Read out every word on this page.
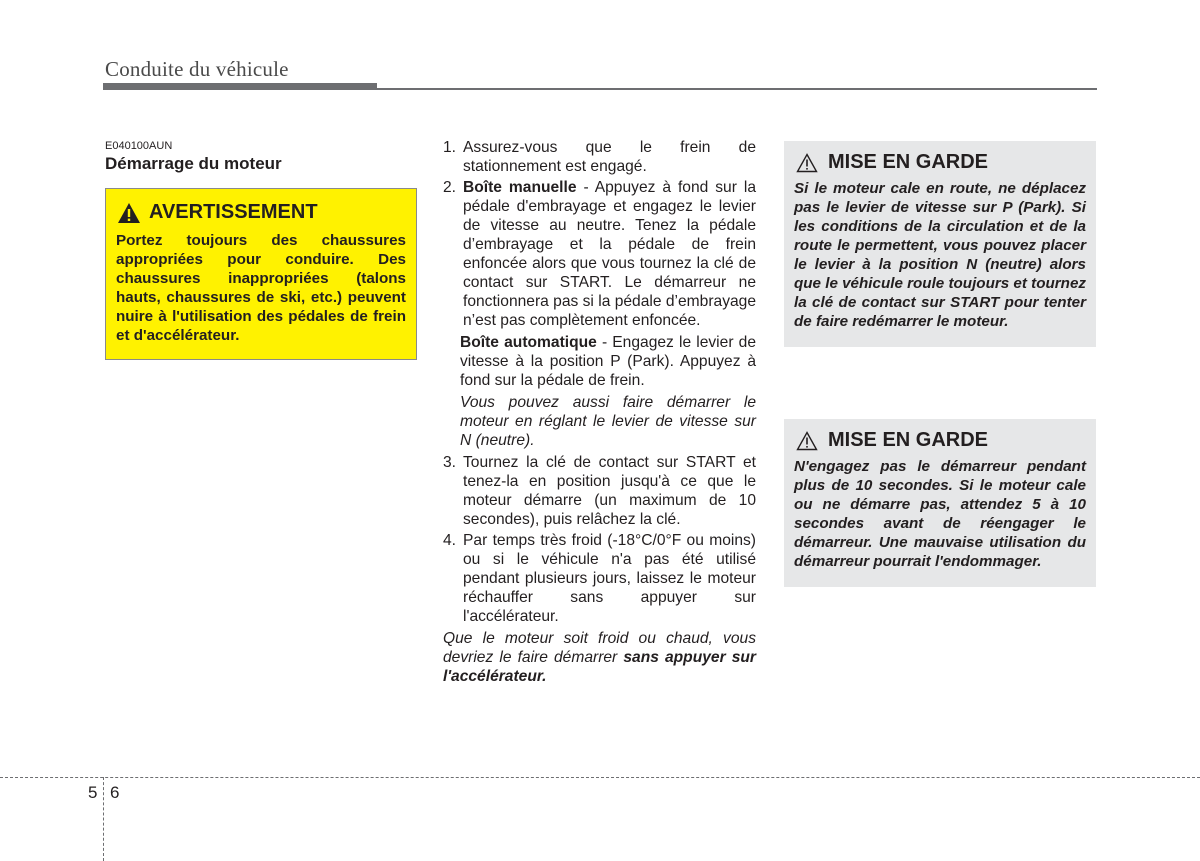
Conduite du véhicule
E040100AUN
Démarrage du moteur
AVERTISSEMENT
Portez toujours des chaussures appropriées pour conduire. Des chaussures inappropriées (talons hauts, chaussures de ski, etc.) peuvent nuire à l'utilisation des pédales de frein et d'accélérateur.
1. Assurez-vous que le frein de stationnement est engagé.
2. Boîte manuelle - Appuyez à fond sur la pédale d'embrayage et engagez le levier de vitesse au neutre. Tenez la pédale d’embrayage et la pédale de frein enfoncée alors que vous tournez la clé de contact sur START. Le démarreur ne fonctionnera pas si la pédale d’embrayage n’est pas complètement enfoncée.
Boîte automatique - Engagez le levier de vitesse à la position P (Park). Appuyez à fond sur la pédale de frein.
Vous pouvez aussi faire démarrer le moteur en réglant le levier de vitesse sur N (neutre).
3. Tournez la clé de contact sur START et tenez-la en position jusqu'à ce que le moteur démarre (un maximum de 10 secondes), puis relâchez la clé.
4. Par temps très froid (-18°C/0°F ou moins) ou si le véhicule n'a pas été utilisé pendant plusieurs jours, laissez le moteur réchauffer sans appuyer sur l'accélérateur.
Que le moteur soit froid ou chaud, vous devriez le faire démarrer sans appuyer sur l'accélérateur.
MISE EN GARDE
Si le moteur cale en route, ne déplacez pas le levier de vitesse sur P (Park). Si les conditions de la circulation et de la route le permettent, vous pouvez placer le levier à la position N (neutre) alors que le véhicule roule toujours et tournez la clé de contact sur START pour tenter de faire redémarrer le moteur.
MISE EN GARDE
N'engagez pas le démarreur pendant plus de 10 secondes. Si le moteur cale ou ne démarre pas, attendez 5 à 10 secondes avant de réengager le démarreur. Une mauvaise utilisation du démarreur pourrait l'endommager.
5 6
